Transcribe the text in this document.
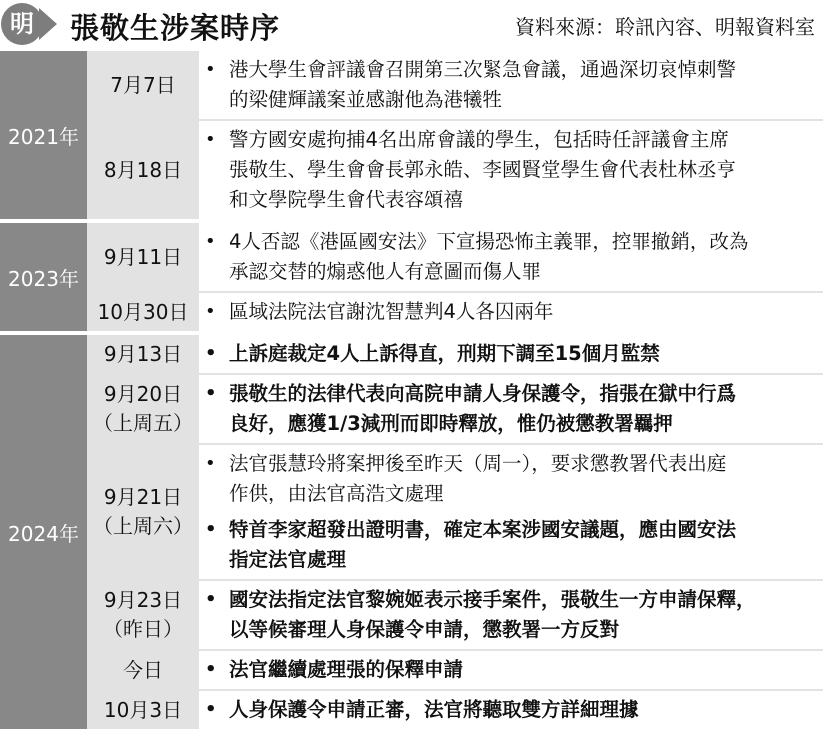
明	張敬生涉案時序	資料來源：聆訊內容、明報資料室
2021年
7月7日
• 港大學生會評議會召開第三次緊急會議，通過深切哀悼刺警
的梁健輝議案並感謝他為港犧牲
8月18日
• 警方國安處拘捕4名出席會議的學生，包括時任評議會主席
張敬生、學生會會長郭永皓、李國賢堂學生會代表杜林丞亨
和文學院學生會代表容頌禧
2023年
9月11日
• 4人否認《港區國安法》下宣揚恐怖主義罪，控罪撤銷，改為
承認交替的煽惑他人有意圖而傷人罪
10月30日 • 區域法院法官謝沈智慧判4人各囚兩年
2024年
9月13日 • 上訴庭裁定4人上訴得直，刑期下調至15個月監禁
9月20日
（上周五）
• 張敬生的法律代表向高院申請人身保護令，指張在獄中行爲
良好，應獲1/3減刑而即時釋放，惟仍被懲教署羈押
9月21日
（上周六）
• 法官張慧玲將案押後至昨天（周一），要求懲教署代表出庭
作供，由法官高浩文處理
• 特首李家超發出證明書，確定本案涉國安議題，應由國安法
指定法官處理
9月23日
（昨日）
• 國安法指定法官黎婉姬表示接手案件，張敬生一方申請保釋，
以等候審理人身保護令申請，懲教署一方反對
今日 • 法官繼續處理張的保釋申請
10月3日 • 人身保護令申請正審，法官將聽取雙方詳細理據
